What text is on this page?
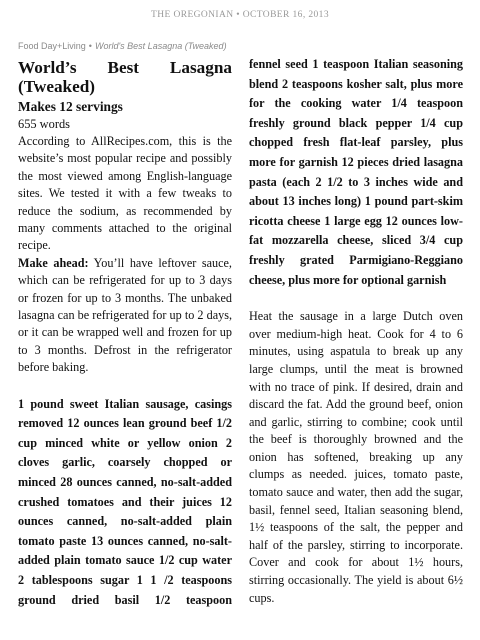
THE OREGONIAN • OCTOBER 16, 2013
Food Day+Living • World's Best Lasagna (Tweaked)
World’s Best Lasagna (Tweaked)

Makes 12 servings

655 words

According to AllRecipes.com, this is the website’s most popular recipe and possibly the most viewed among English-language sites. We tested it with a few tweaks to reduce the sodium, as recommended by many comments attached to the original recipe.

Make ahead: You’ll have leftover sauce, which can be refrigerated for up to 3 days or frozen for up to 3 months. The unbaked lasagna can be refrigerated for up to 2 days, or it can be wrapped well and frozen for up to 3 months. Defrost in the refrigerator before baking.

1 pound sweet Italian sausage, casings removed 12 ounces lean ground beef 1/2 cup minced white or yellow onion 2 cloves garlic, coarsely chopped or minced 28 ounces canned, no-salt-added crushed tomatoes and their juices 12 ounces canned, no-salt-added plain tomato paste 13 ounces canned, no-salt-added plain tomato sauce 1/2 cup water 2 tablespoons sugar 1 1 /2 teaspoons ground dried basil 1/2 teaspoon

fennel seed 1 teaspoon Italian seasoning blend 2 teaspoons kosher salt, plus more for the cooking water 1/4 teaspoon freshly ground black pepper 1/4 cup chopped fresh flat-leaf parsley, plus more for garnish 12 pieces dried lasagna pasta (each 2 1/2 to 3 inches wide and about 13 inches long) 1 pound part-skim ricotta cheese 1 large egg 12 ounces low-fat mozzarella cheese, sliced 3/4 cup freshly grated Parmigiano-Reggiano cheese, plus more for optional garnish

Heat the sausage in a large Dutch oven over medium-high heat. Cook for 4 to 6 minutes, using aspatula to break up any large clumps, until the meat is browned with no trace of pink. If desired, drain and discard the fat. Add the ground beef, onion and garlic, stirring to combine; cook until the beef is thoroughly browned and the onion has softened, breaking up any clumps as needed. juices, tomato paste, tomato sauce and water, then add the sugar, basil, fennel seed, Italian seasoning blend, 1½ teaspoons of the salt, the pepper and half of the parsley, stirring to incorporate. Cover and cook for about 1½ hours, stirring occasionally. The yield is about 6½ cups.
